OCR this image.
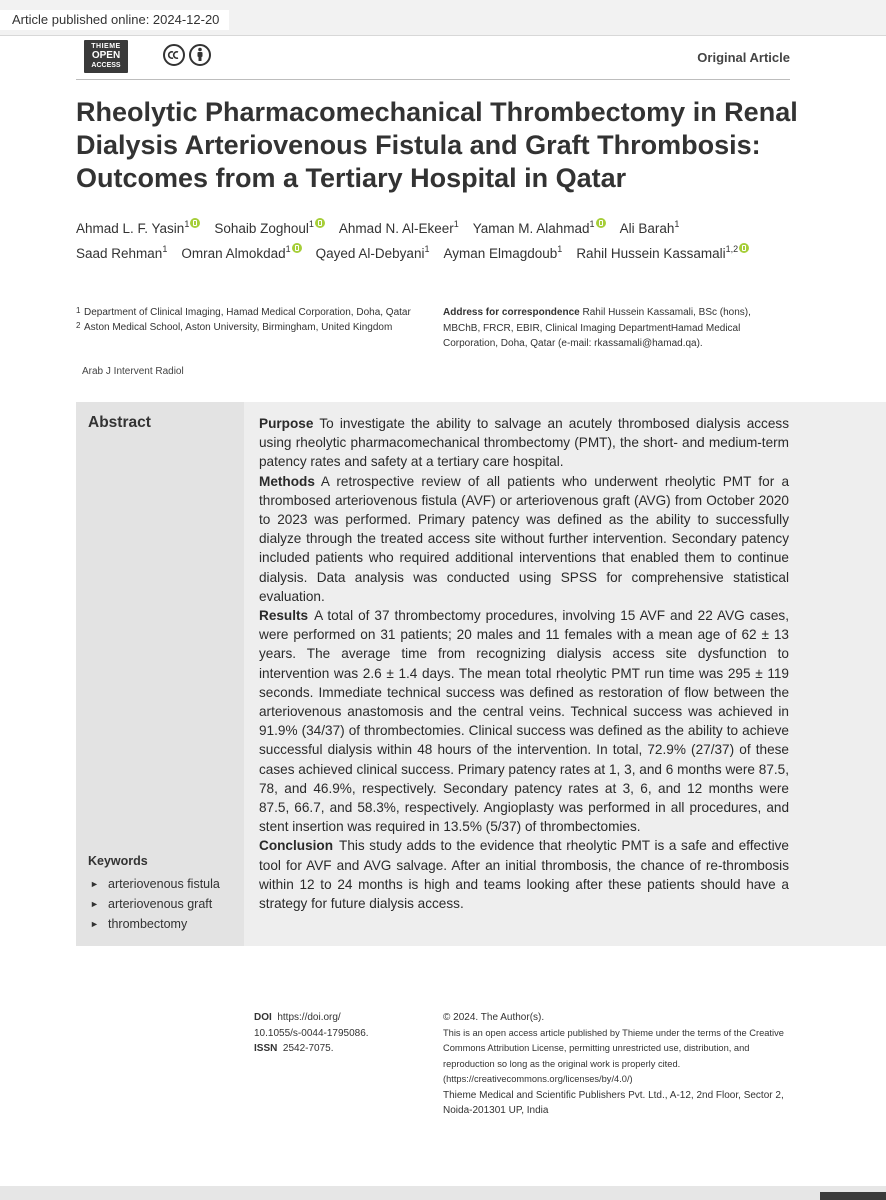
Article published online: 2024-12-20
THIEME
OPEN
ACCESS
Original Article
Rheolytic Pharmacomechanical Thrombectomy in Renal Dialysis Arteriovenous Fistula and Graft Thrombosis: Outcomes from a Tertiary Hospital in Qatar
Ahmad L. F. Yasin$^1$ Sohaib Zoghoul$^1$ Ahmad N. Al-Ekeer$^1$ Yaman M. Alahmad$^1$ Ali Barah$^1$Saad Rehman$^1$ Omran Almokdad$^1$ Qayed Al-Debyani$^1$ Ayman Elmagdoub$^1$ Rahil Hussein Kassamali$^{1,2}$
1 Department of Clinical Imaging, Hamad Medical Corporation, Doha, Qatar
2 Aston Medical School, Aston University, Birmingham, United Kingdom
Address for correspondence Rahil Hussein Kassamali, BSc (hons), MBChB, FRCR, EBIR, Clinical Imaging DepartmentHamad Medical Corporation, Doha, Qatar (e-mail: rkassamali@hamad.qa).
Arab J Intervent Radiol
Abstract
Keywords
► arteriovenous fistula
► arteriovenous graft
► thrombectomy

Purpose To investigate the ability to salvage an acutely thrombosed dialysis access using rheolytic pharmacomechanical thrombectomy (PMT), the short- and medium-term patency rates and safety at a tertiary care hospital.

Methods A retrospective review of all patients who underwent rheolytic PMT for a thrombosed arteriovenous fistula (AVF) or arteriovenous graft (AVG) from October 2020 to 2023 was performed. Primary patency was defined as the ability to successfully dialyze through the treated access site without further intervention. Secondary patency included patients who required additional interventions that enabled them to continue dialysis. Data analysis was conducted using SPSS for comprehensive statistical evaluation.

Results A total of 37 thrombectomy procedures, involving 15 AVF and 22 AVG cases, were performed on 31 patients; 20 males and 11 females with a mean age of 62 ± 13 years. The average time from recognizing dialysis access site dysfunction to intervention was 2.6 ± 1.4 days. The mean total rheolytic PMT run time was 295 ± 119 seconds. Immediate technical success was defined as restoration of flow between the arteriovenous anastomosis and the central veins. Technical success was achieved in 91.9% (34/37) of thrombectomies. Clinical success was defined as the ability to achieve successful dialysis within 48 hours of the intervention. In total, 72.9% (27/37) of these cases achieved clinical success. Primary patency rates at 1, 3, and 6 months were 87.5, 78, and 46.9%, respectively. Secondary patency rates at 3, 6, and 12 months were 87.5, 66.7, and 58.3%, respectively. Angioplasty was performed in all procedures, and stent insertion was required in 13.5% (5/37) of thrombectomies.

Conclusion This study adds to the evidence that rheolytic PMT is a safe and effective tool for AVF and AVG salvage. After an initial thrombosis, the chance of re-thrombosis within 12 to 24 months is high and teams looking after these patients should have a strategy for future dialysis access.

DOI https://doi.org/
10.1055/s-0044-1795086.
ISSN 2542-7075.
© 2024. The Author(s).
This is an open access article published by Thieme under the terms of the Creative Commons Attribution License, permitting unrestricted use, distribution, and reproduction so long as the original work is properly cited. (https://creativecommons.org/licenses/by/4.0/)
Thieme Medical and Scientific Publishers Pvt. Ltd., A-12, 2nd Floor, Sector 2, Noida-201301 UP, India
